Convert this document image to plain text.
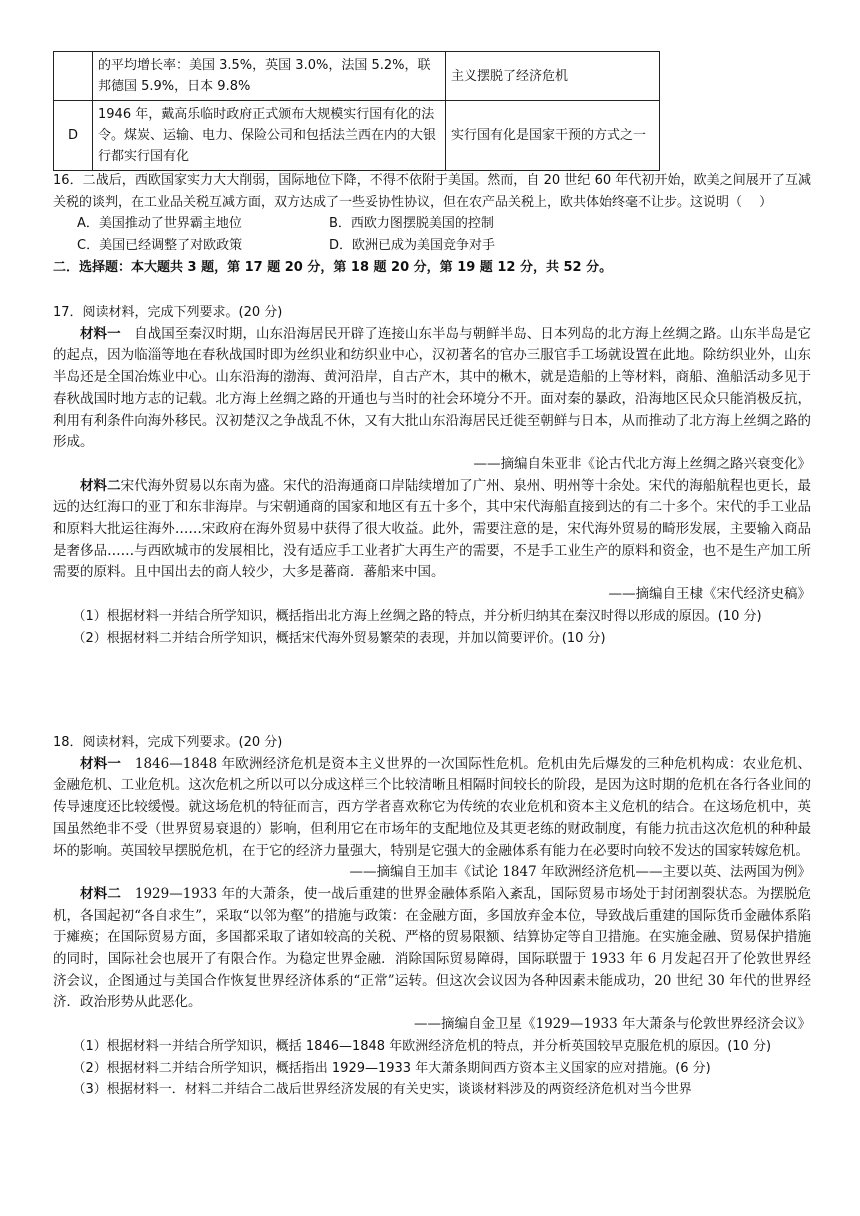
	的平均增长率：美国 3.5%，英国 3.0%，法国 5.2%，联邦德国 5.9%，日本 9.8%	主义摆脱了经济危机
D	1946 年，戴高乐临时政府正式颁布大规模实行国有化的法令。煤炭、运输、电力、保险公司和包括法兰西在内的大银行都实行国有化	实行国有化是国家干预的方式之一

16．二战后，西欧国家实力大大削弱，国际地位下降，不得不依附于美国。然而，自 20 世纪 60 年代初开始，欧美之间展开了互减关税的谈判，在工业品关税互减方面，双方达成了一些妥协性协议，但在农产品关税上，欧共体始终毫不让步。这说明（　 ）

A．美国推动了世界霸主地位	B．西欧力图摆脱美国的控制
C．美国已经调整了对欧政策	D．欧洲已成为美国竞争对手

二．选择题：本大题共 3 题，第 17 题 20 分，第 18 题 20 分，第 19 题 12 分，共 52 分。

17．阅读材料，完成下列要求。(20 分)

材料一　 自战国至秦汉时期，山东沿海居民开辟了连接山东半岛与朝鲜半岛、日本列岛的北方海上丝绸之路。山东半岛是它的起点，因为临淄等地在春秋战国时即为丝织业和纺织业中心，汉初著名的官办三服官手工场就设置在此地。除纺织业外，山东半岛还是全国冶炼业中心。山东沿海的渤海、黄河沿岸，自古产木，其中的楸木，就是造船的上等材料，商船、渔船活动多见于春秋战国时地方志的记载。北方海上丝绸之路的开通也与当时的社会环境分不开。面对秦的暴政，沿海地区民众只能消极反抗，利用有利条件向海外移民。汉初楚汉之争战乱不休，又有大批山东沿海居民迁徙至朝鲜与日本，从而推动了北方海上丝绸之路的形成。

——摘编自朱亚非《论古代北方海上丝绸之路兴衰变化》

材料二宋代海外贸易以东南为盛。宋代的沿海通商口岸陆续增加了广州、泉州、明州等十余处。宋代的海船航程也更长，最远的达红海口的亚丁和东非海岸。与宋朝通商的国家和地区有五十多个，其中宋代海船直接到达的有二十多个。宋代的手工业品和原料大批运往海外……宋政府在海外贸易中获得了很大收益。此外，需要注意的是，宋代海外贸易的畸形发展，主要输入商品是奢侈品……与西欧城市的发展相比，没有适应手工业者扩大再生产的需要，不是手工业生产的原料和资金，也不是生产加工所需要的原料。且中国出去的商人较少，大多是蕃商．蕃船来中国。

——摘编自王棣《宋代经济史稿》

（1）根据材料一并结合所学知识，概括指出北方海上丝绸之路的特点，并分析归纳其在秦汉时得以形成的原因。(10 分)

（2）根据材料二并结合所学知识，概括宋代海外贸易繁荣的表现，并加以简要评价。(10 分)

18．阅读材料，完成下列要求。(20 分)

材料一　 1846—1848 年欧洲经济危机是资本主义世界的一次国际性危机。危机由先后爆发的三种危机构成：农业危机、金融危机、工业危机。这次危机之所以可以分成这样三个比较清晰且相隔时间较长的阶段，是因为这时期的危机在各行各业间的传导速度还比较缓慢。就这场危机的特征而言，西方学者喜欢称它为传统的农业危机和资本主义危机的结合。在这场危机中，英国虽然绝非不受（世界贸易衰退的）影响，但利用它在市场年的支配地位及其更老练的财政制度，有能力抗击这次危机的种种最坏的影响。英国较早摆脱危机，在于它的经济力量强大，特别是它强大的金融体系有能力在必要时向较不发达的国家转嫁危机。

——摘编自王加丰《试论 1847 年欧洲经济危机——主要以英、法两国为例》

材料二　 1929—1933 年的大萧条，使一战后重建的世界金融体系陷入紊乱，国际贸易市场处于封闭割裂状态。为摆脱危机，各国起初“各自求生”，采取“以邻为壑”的措施与政策：在金融方面，多国放弃金本位，导致战后重建的国际货币金融体系陷于瘫痪；在国际贸易方面，多国都采取了诸如较高的关税、严格的贸易限额、结算协定等自卫措施。在实施金融、贸易保护措施的同时，国际社会也展开了有限合作。为稳定世界金融．消除国际贸易障碍，国际联盟于 1933 年 6 月发起召开了伦敦世界经济会议，企图通过与美国合作恢复世界经济体系的“正常”运转。但这次会议因为各种因素未能成功，20 世纪 30 年代的世界经济．政治形势从此恶化。

——摘编自金卫星《1929—1933 年大萧条与伦敦世界经济会议》

（1）根据材料一并结合所学知识，概括 1846—1848 年欧洲经济危机的特点，并分析英国较早克服危机的原因。(10 分)

（2）根据材料二并结合所学知识，概括指出 1929—1933 年大萧条期间西方资本主义国家的应对措施。(6 分)

（3）根据材料一．材料二并结合二战后世界经济发展的有关史实，谈谈材料涉及的两资经济危机对当今世界
